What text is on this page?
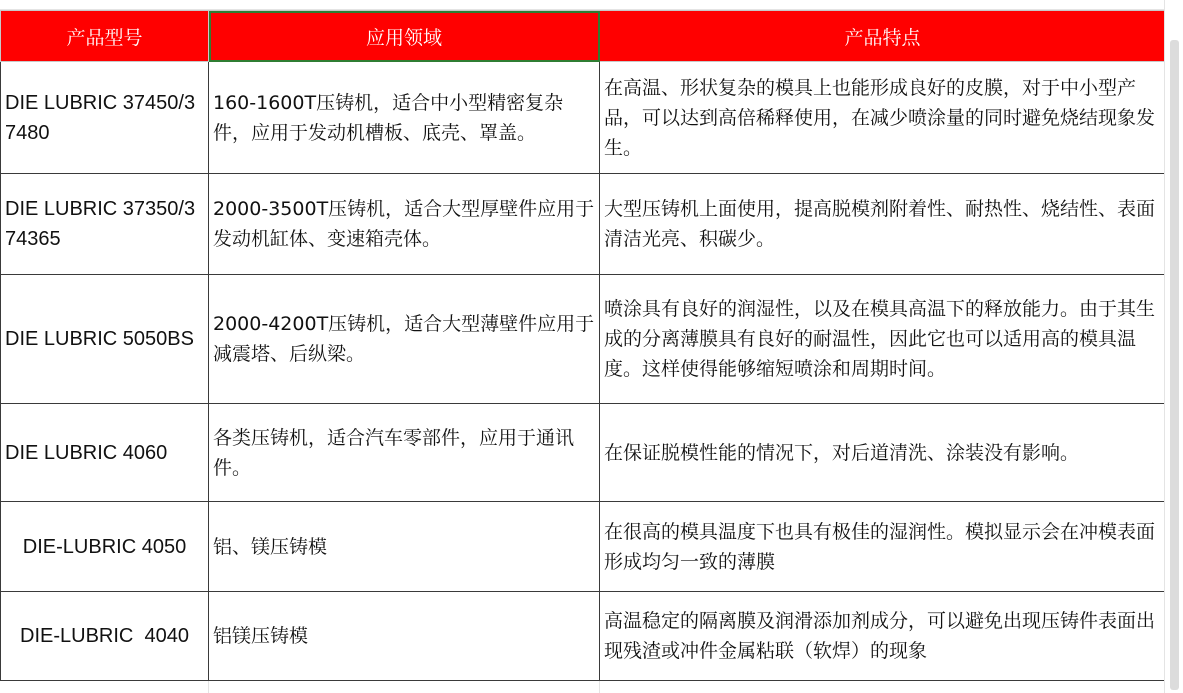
产品型号	应用领域	产品特点
DIE LUBRIC 37450/37480	160-1600T压铸机，适合中小型精密复杂件，应用于发动机槽板、底壳、罩盖。	在高温、形状复杂的模具上也能形成良好的皮膜，对于中小型产品，可以达到高倍稀释使用，在减少喷涂量的同时避免烧结现象发生。
DIE LUBRIC 37350/374365	2000-3500T压铸机，适合大型厚壁件应用于发动机缸体、变速箱壳体。	大型压铸机上面使用，提高脱模剂附着性、耐热性、烧结性、表面清洁光亮、积碳少。
DIE LUBRIC 5050BS	2000-4200T压铸机，适合大型薄壁件应用于减震塔、后纵梁。	喷涂具有良好的润湿性，以及在模具高温下的释放能力。由于其生成的分离薄膜具有良好的耐温性，因此它也可以适用高的模具温度。这样使得能够缩短喷涂和周期时间。
DIE LUBRIC 4060	各类压铸机，适合汽车零部件，应用于通讯件。	在保证脱模性能的情况下，对后道清洗、涂装没有影响。
DIE-LUBRIC 4050	铝、镁压铸模	在很高的模具温度下也具有极佳的湿润性。模拟显示会在冲模表面形成均匀一致的薄膜
DIE-LUBRIC  4040	铝镁压铸模	高温稳定的隔离膜及润滑添加剂成分，可以避免出现压铸件表面出现残渣或冲件金属粘联（软焊）的现象
